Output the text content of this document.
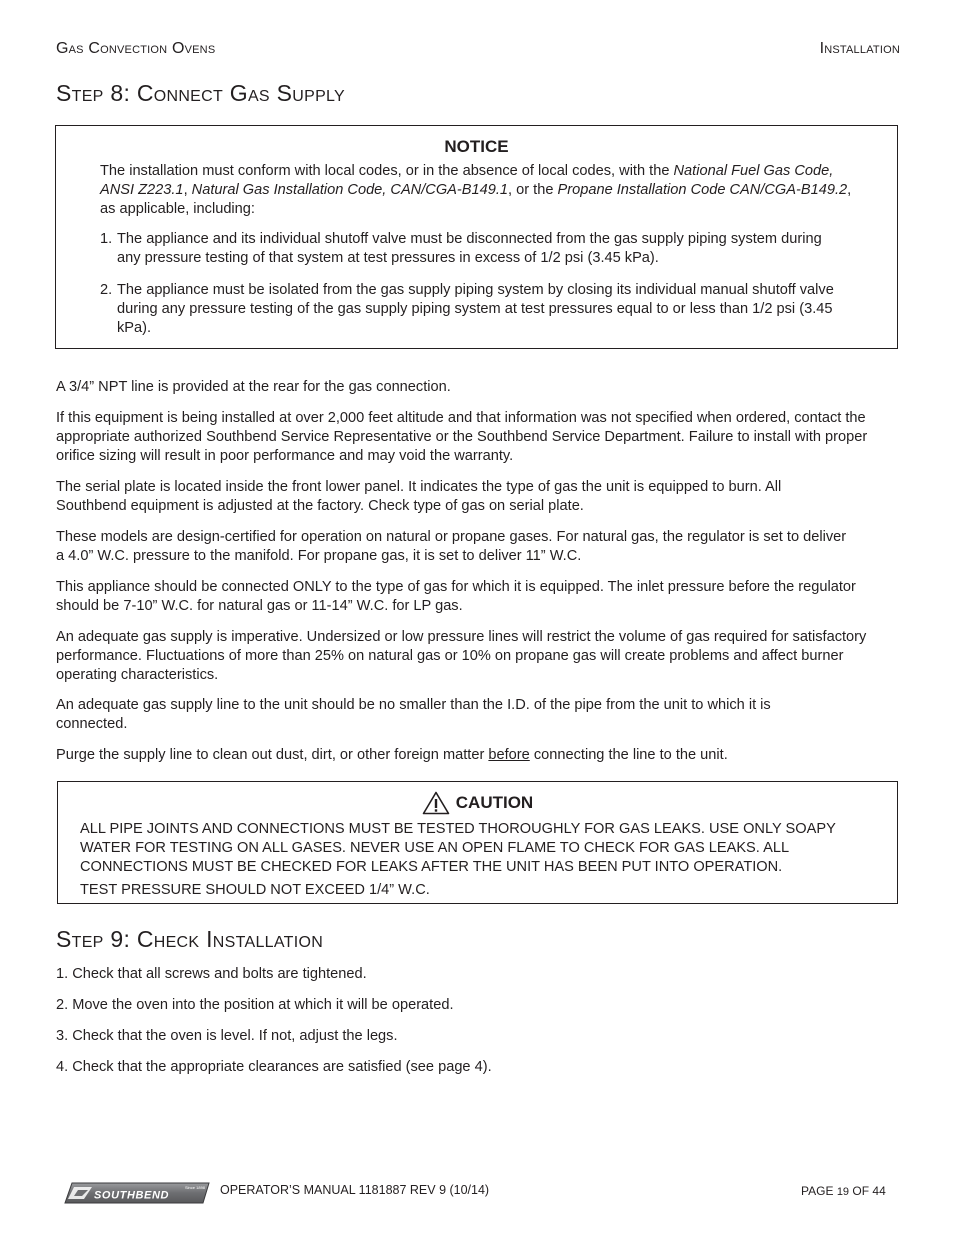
Gas Convection Ovens	Installation
Step 8: Connect Gas Supply
NOTICE

The installation must conform with local codes, or in the absence of local codes, with the National Fuel Gas Code, ANSI Z223.1, Natural Gas Installation Code, CAN/CGA-B149.1, or the Propane Installation Code CAN/CGA-B149.2, as applicable, including:

1. The appliance and its individual shutoff valve must be disconnected from the gas supply piping system during any pressure testing of that system at test pressures in excess of 1/2 psi (3.45 kPa).
2. The appliance must be isolated from the gas supply piping system by closing its individual manual shutoff valve during any pressure testing of the gas supply piping system at test pressures equal to or less than 1/2 psi (3.45 kPa).

A 3/4” NPT line is provided at the rear for the gas connection.

If this equipment is being installed at over 2,000 feet altitude and that information was not specified when ordered, contact the appropriate authorized Southbend Service Representative or the Southbend Service Department. Failure to install with proper orifice sizing will result in poor performance and may void the warranty.

The serial plate is located inside the front lower panel. It indicates the type of gas the unit is equipped to burn. All Southbend equipment is adjusted at the factory. Check type of gas on serial plate.

These models are design-certified for operation on natural or propane gases. For natural gas, the regulator is set to deliver a 4.0” W.C. pressure to the manifold. For propane gas, it is set to deliver 11” W.C.

This appliance should be connected ONLY to the type of gas for which it is equipped. The inlet pressure before the regulator should be 7-10” W.C. for natural gas or 11-14” W.C. for LP gas.

An adequate gas supply is imperative. Undersized or low pressure lines will restrict the volume of gas required for satisfactory performance. Fluctuations of more than 25% on natural gas or 10% on propane gas will create problems and affect burner operating characteristics.

An adequate gas supply line to the unit should be no smaller than the I.D. of the pipe from the unit to which it is connected.

Purge the supply line to clean out dust, dirt, or other foreign matter before connecting the line to the unit.

CAUTION

ALL PIPE JOINTS AND CONNECTIONS MUST BE TESTED THOROUGHLY FOR GAS LEAKS. USE ONLY SOAPY WATER FOR TESTING ON ALL GASES. NEVER USE AN OPEN FLAME TO CHECK FOR GAS LEAKS. ALL CONNECTIONS MUST BE CHECKED FOR LEAKS AFTER THE UNIT HAS BEEN PUT INTO OPERATION.

TEST PRESSURE SHOULD NOT EXCEED 1/4” W.C.

Step 9: Check Installation

1. Check that all screws and bolts are tightened.

2. Move the oven into the position at which it will be operated.

3. Check that the oven is level. If not, adjust the legs.

4. Check that the appropriate clearances are satisfied (see page 4).

SOUTHBEND
Since 1898 OPERATOR’S MANUAL 1181887 REV 9 (10/14)	PAGE 19 OF 44
